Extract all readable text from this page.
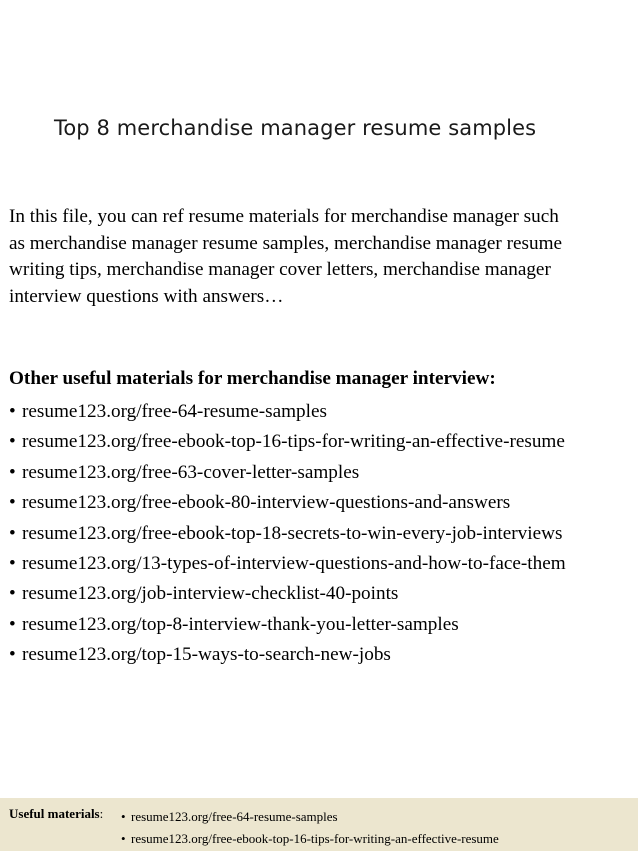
Top 8 merchandise manager resume samples
In this file, you can ref resume materials for merchandise manager such
as merchandise manager resume samples, merchandise manager resume
writing tips, merchandise manager cover letters, merchandise manager
interview questions with answers…
Other useful materials for merchandise manager interview:
• resume123.org/free-64-resume-samples
• resume123.org/free-ebook-top-16-tips-for-writing-an-effective-resume
• resume123.org/free-63-cover-letter-samples
• resume123.org/free-ebook-80-interview-questions-and-answers
• resume123.org/free-ebook-top-18-secrets-to-win-every-job-interviews
• resume123.org/13-types-of-interview-questions-and-how-to-face-them
• resume123.org/job-interview-checklist-40-points
• resume123.org/top-8-interview-thank-you-letter-samples
• resume123.org/top-15-ways-to-search-new-jobs
Useful materials: • resume123.org/free-64-resume-samples
• resume123.org/free-ebook-top-16-tips-for-writing-an-effective-resume
